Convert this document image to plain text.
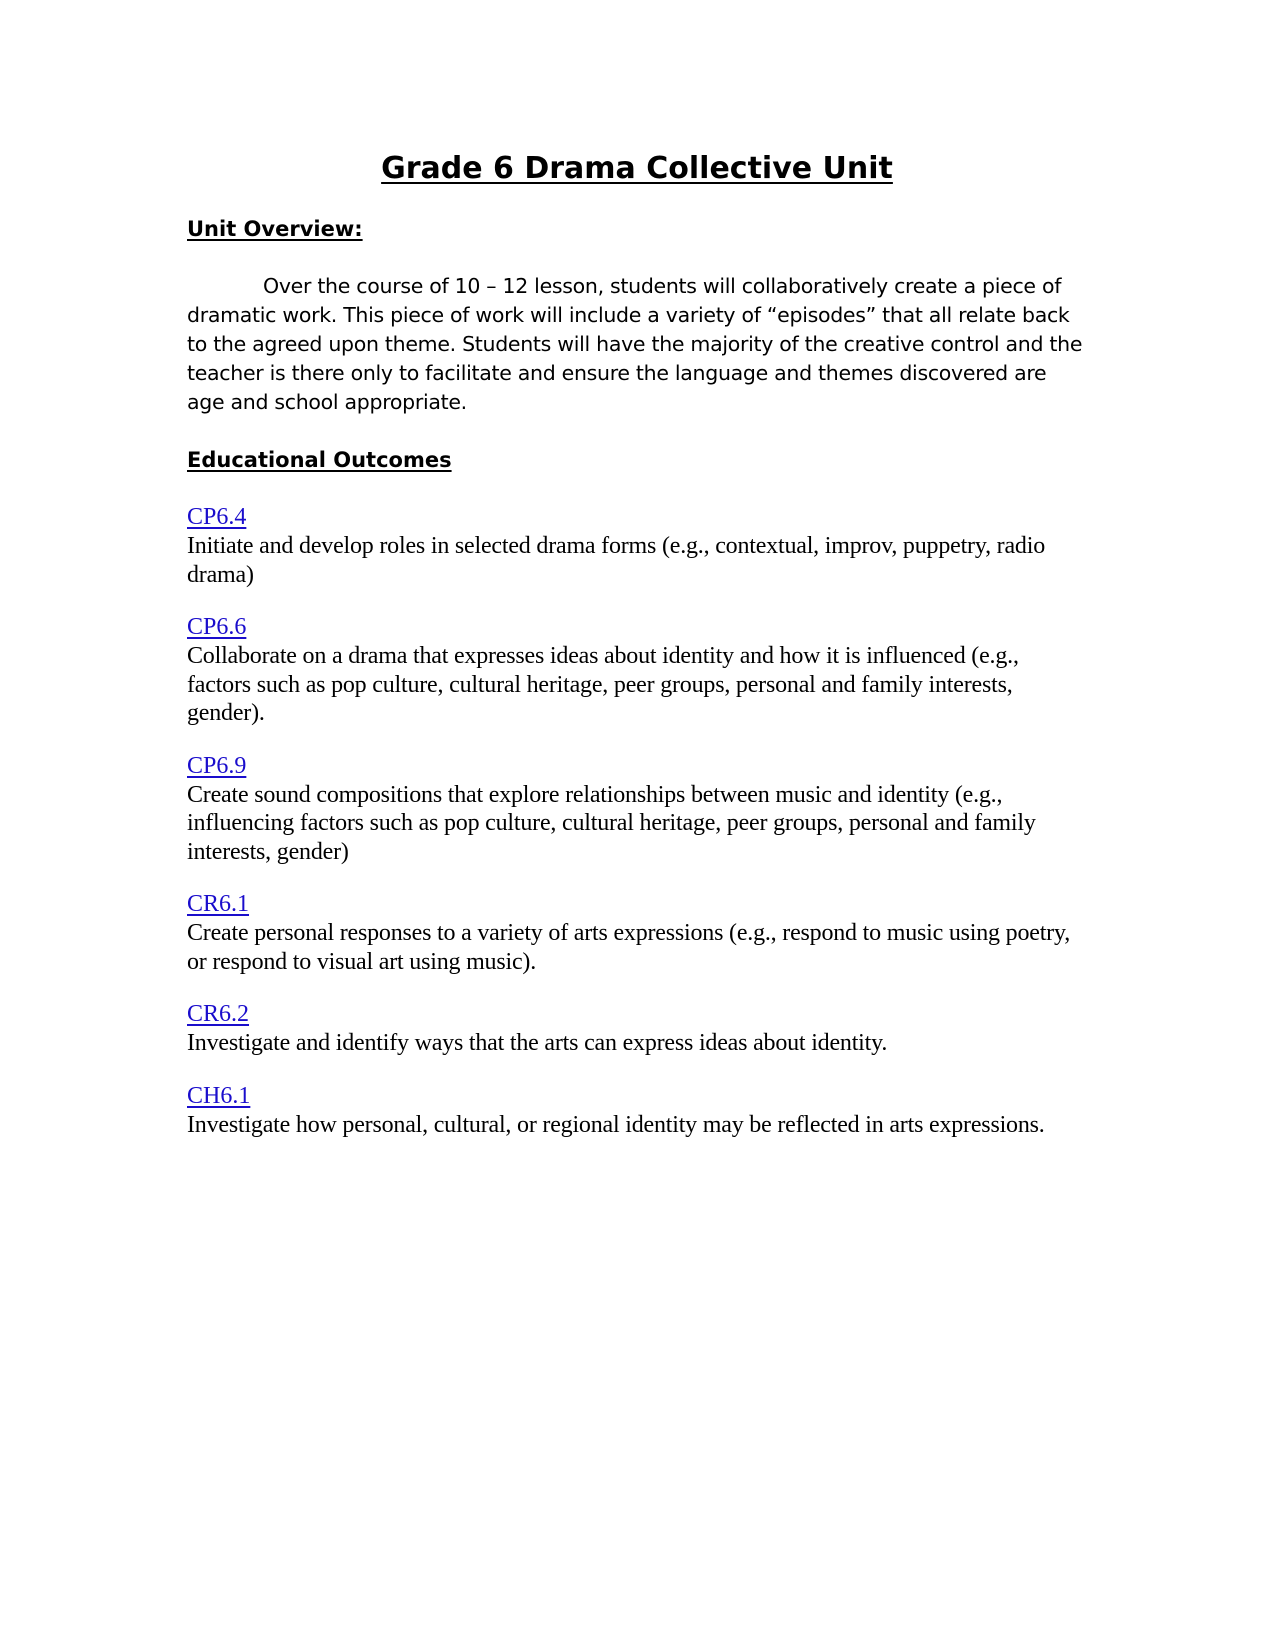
Grade 6 Drama Collective Unit
Unit Overview:

Over the course of 10 – 12 lesson, students will collaboratively create a piece of dramatic work. This piece of work will include a variety of “episodes” that all relate back to the agreed upon theme. Students will have the majority of the creative control and the teacher is there only to facilitate and ensure the language and themes discovered are age and school appropriate.

Educational Outcomes
CP6.4

Initiate and develop roles in selected drama forms (e.g., contextual, improv, puppetry, radio drama)

CP6.6

Collaborate on a drama that expresses ideas about identity and how it is influenced (e.g., factors such as pop culture, cultural heritage, peer groups, personal and family interests, gender).

CP6.9

Create sound compositions that explore relationships between music and identity (e.g., influencing factors such as pop culture, cultural heritage, peer groups, personal and family interests, gender)

CR6.1

Create personal responses to a variety of arts expressions (e.g., respond to music using poetry, or respond to visual art using music).

CR6.2

Investigate and identify ways that the arts can express ideas about identity.

CH6.1

Investigate how personal, cultural, or regional identity may be reflected in arts expressions.
